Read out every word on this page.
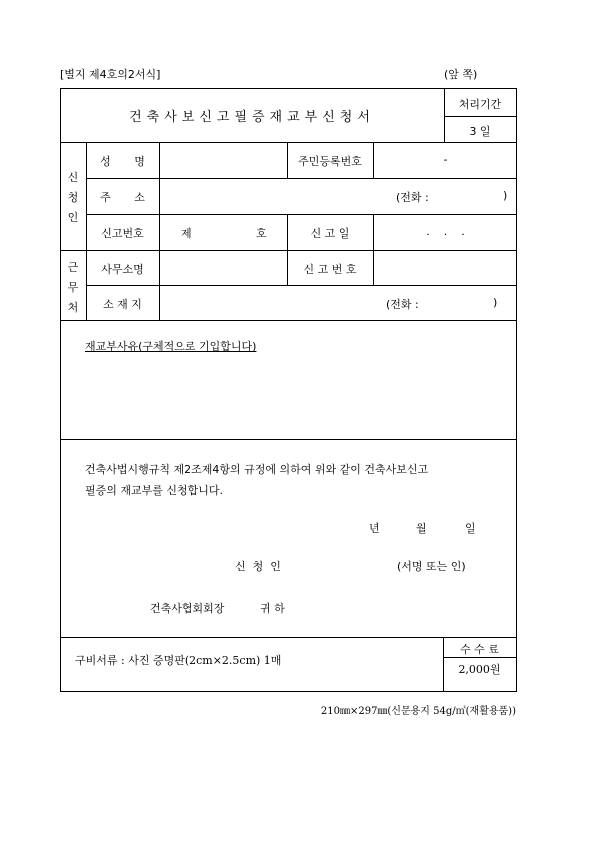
[별지 제4호의2서식]	(앞 쪽)
건축사보신고필증재교부신청서
처리기간
3 일
신
청
인
성 명	주민등록번호	-
주 소	(전화 :	)
신고번호	제	호	신 고 일	.    .    .
근
무
처
사무소명	신 고 번 호
소 재 지	(전화 :	)
재교부사유(구체적으로 기입합니다)
건축사법시행규칙 제2조제4항의 규정에 의하여 위와 같이 건축사보신고
필증의 재교부를 신청합니다.
년	월	일
신  청  인	(서명 또는 인)
건축사협회회장	귀 하
구비서류 : 사진 증명판(2cm×2.5cm) 1매
수 수 료
2,000원
210㎜×297㎜(신문용지 54g/㎡(재활용품))
